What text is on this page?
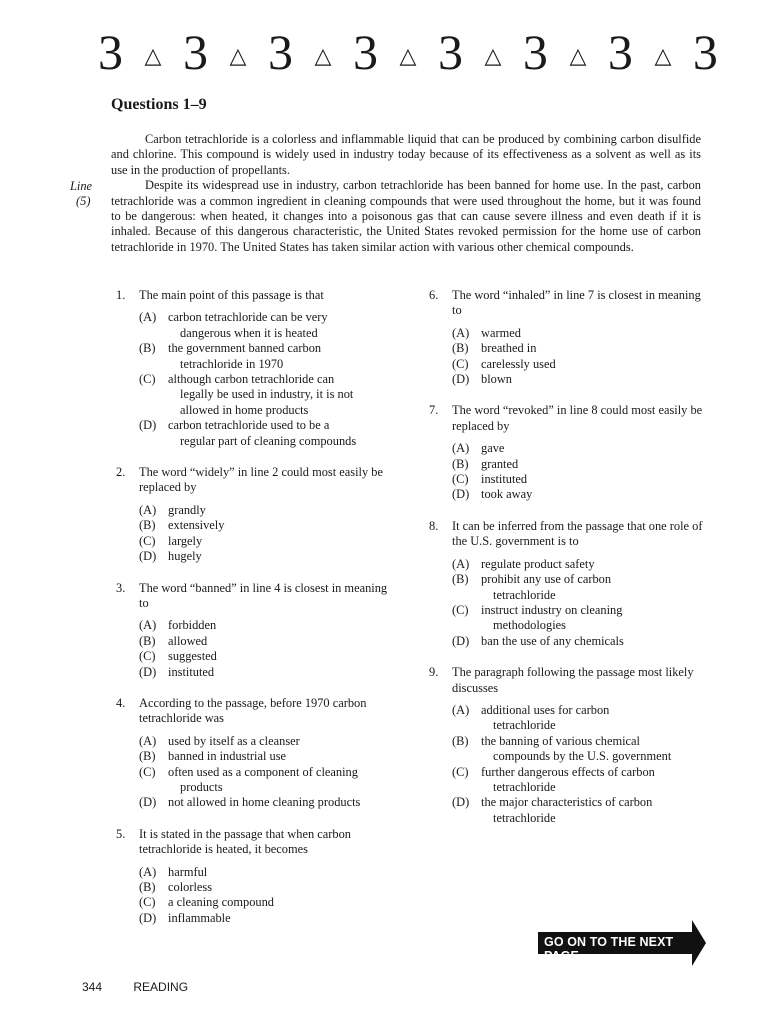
3 △ 3 △ 3 △ 3 △ 3 △ 3 △ 3 △ 3
Questions 1–9
Line
(5)

Carbon tetrachloride is a colorless and inflammable liquid that can be produced by combining carbon disulfide and chlorine. This compound is widely used in industry today because of its effectiveness as a solvent as well as its use in the production of propellants.

Despite its widespread use in industry, carbon tetrachloride has been banned for home use. In the past, carbon tetrachloride was a common ingredient in cleaning compounds that were used throughout the home, but it was found to be dangerous: when heated, it changes into a poisonous gas that can cause severe illness and even death if it is inhaled. Because of this dangerous characteristic, the United States revoked permission for the home use of carbon tetrachloride in 1970. The United States has taken similar action with various other chemical compounds.

1.	The main point of this passage is that
(A) carbon tetrachloride can be very
dangerous when it is heated
(B)	the government banned carbon
tetrachloride in 1970
(C)	although carbon tetrachloride can
legally be used in industry, it is not
allowed in home products
(D) carbon tetrachloride used to be a
regular part of cleaning compounds
2.	The word “widely” in line 2 could most easily be replaced by
(A) grandly
(B)	extensively
(C)	largely
(D) hugely
3.	The word “banned” in line 4 is closest in meaning to
(A) forbidden
(B)	allowed
(C)	suggested
(D) instituted
4.	According to the passage, before 1970 carbon tetrachloride was
(A) used by itself as a cleanser
(B)	banned in industrial use
(C)	often used as a component of cleaning
products
(D) not allowed in home cleaning products
5.	It is stated in the passage that when carbon tetrachloride is heated, it becomes
(A) harmful
(B)	colorless
(C)	a cleaning compound
(D) inflammable
6.	The word “inhaled” in line 7 is closest in meaning to
(A) warmed
(B)	breathed in
(C)	carelessly used
(D) blown
7.	The word “revoked” in line 8 could most easily be replaced by
(A) gave
(B)	granted
(C)	instituted
(D) took away
8.	It can be inferred from the passage that one role of the U.S. government is to
(A) regulate product safety
(B)	prohibit any use of carbon
tetrachloride
(C)	instruct industry on cleaning
methodologies
(D) ban the use of any chemicals
9.	The paragraph following the passage most likely discusses
(A) additional uses for carbon
tetrachloride
(B)	the banning of various chemical
compounds by the U.S. government
(C)	further dangerous effects of carbon
tetrachloride
(D) the major characteristics of carbon
tetrachloride
GO ON TO THE NEXT PAGE
344	READING
